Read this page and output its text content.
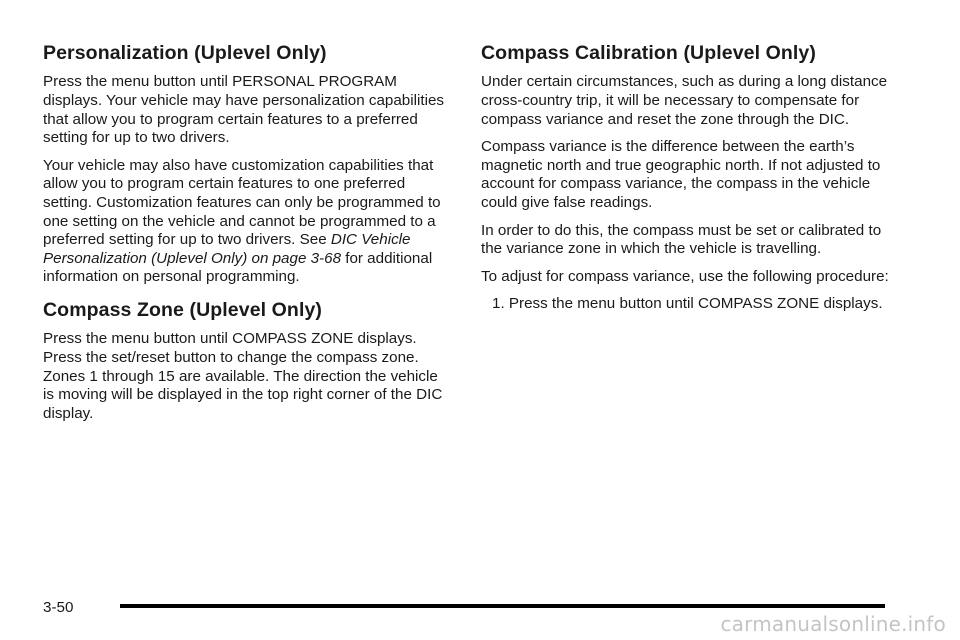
Personalization (Uplevel Only)

Press the menu button until PERSONAL PROGRAM displays. Your vehicle may have personalization capabilities that allow you to program certain features to a preferred setting for up to two drivers.

Your vehicle may also have customization capabilities that allow you to program certain features to one preferred setting. Customization features can only be programmed to one setting on the vehicle and cannot be programmed to a preferred setting for up to two drivers. See DIC Vehicle Personalization (Uplevel Only) on page 3-68 for additional information on personal programming.

Compass Zone (Uplevel Only)

Press the menu button until COMPASS ZONE displays. Press the set/reset button to change the compass zone. Zones 1 through 15 are available. The direction the vehicle is moving will be displayed in the top right corner of the DIC display.

Compass Calibration (Uplevel Only)

Under certain circumstances, such as during a long distance cross-country trip, it will be necessary to compensate for compass variance and reset the zone through the DIC.

Compass variance is the difference between the earth’s magnetic north and true geographic north. If not adjusted to account for compass variance, the compass in the vehicle could give false readings.

In order to do this, the compass must be set or calibrated to the variance zone in which the vehicle is travelling.

To adjust for compass variance, use the following procedure:

1. Press the menu button until COMPASS ZONE displays.

3-50
carmanualsonline.info
